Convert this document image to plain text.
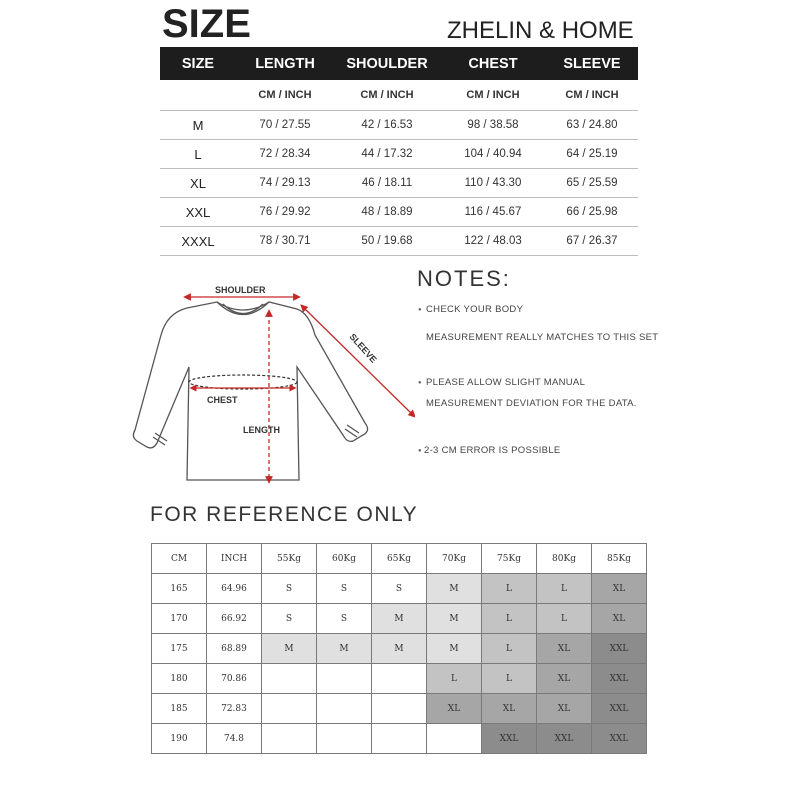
SIZE	ZHELIN & HOME
SIZE	LENGTH	SHOULDER	CHEST	SLEEVE
	CM / INCH	CM / INCH	CM / INCH	CM / INCH
M	70 / 27.55	42 / 16.53	98 / 38.58	63 / 24.80
L	72 / 28.34	44 / 17.32	104 / 40.94	64 / 25.19
XL	74 / 29.13	46 / 18.11	110 / 43.30	65 / 25.59
XXL	76 / 29.92	48 / 18.89	116 / 45.67	66 / 25.98
XXXL	78 / 30.71	50 / 19.68	122 / 48.03	67 / 26.37
SHOULDER
SLEEVE
CHEST
LENGTH
NOTES:
● CHECK YOUR BODY
MEASUREMENT REALLY MATCHES TO THIS SET
● PLEASE ALLOW SLIGHT MANUAL
MEASUREMENT DEVIATION FOR THE DATA.
● 2-3 CM ERROR IS POSSIBLE
FOR REFERENCE ONLY
CM	INCH	55Kg	60Kg	65Kg	70Kg	75Kg	80Kg	85Kg
165	64.96	S	S	S	M	L	L	XL
170	66.92	S	S	M	M	L	L	XL
175	68.89	M	M	M	M	L	XL	XXL
180	70.86				L	L	XL	XXL
185	72.83				XL	XL	XL	XXL
190	74.8					XXL	XXL	XXL
